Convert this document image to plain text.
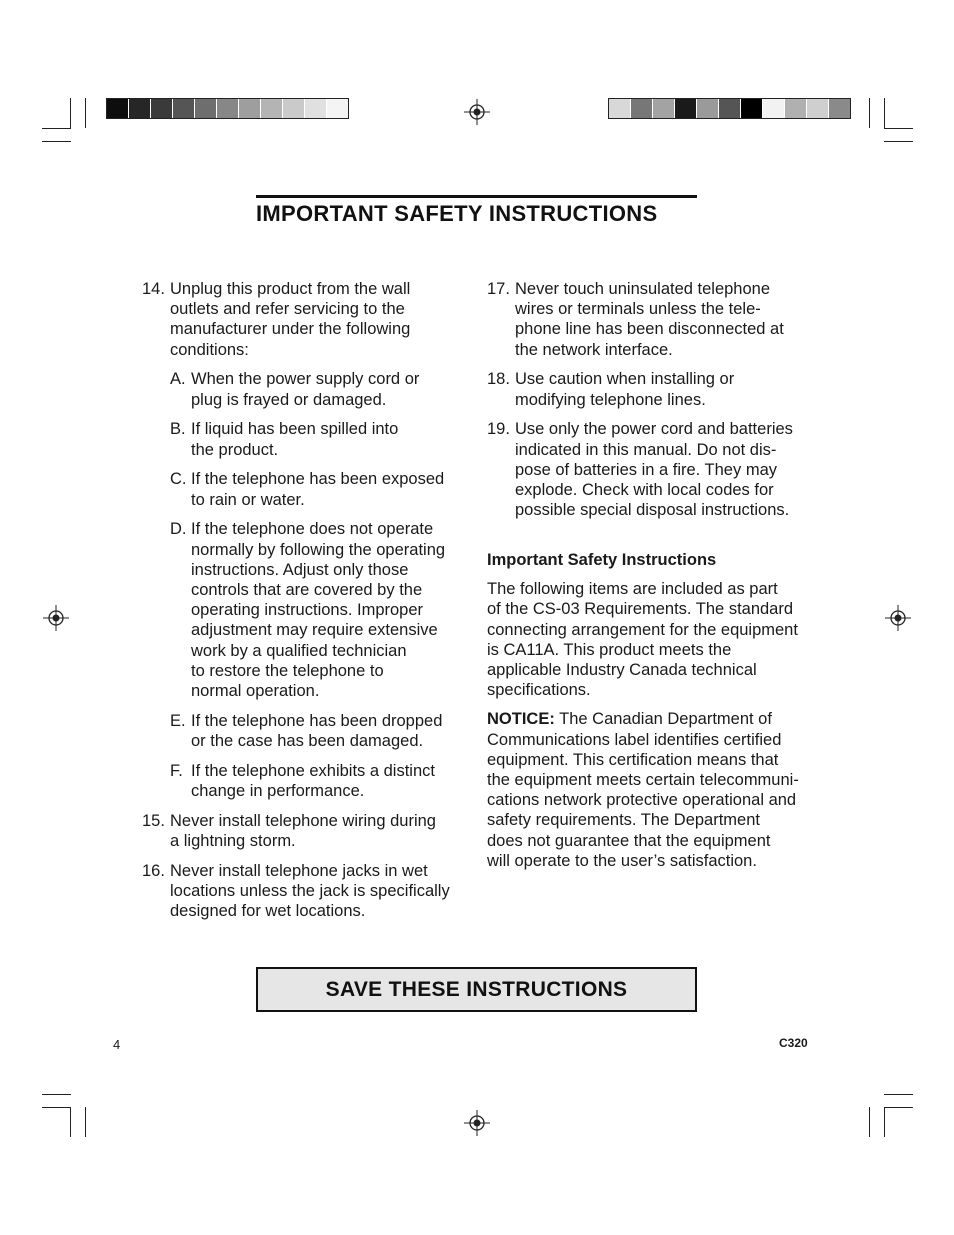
IMPORTANT SAFETY INSTRUCTIONS
14. Unplug this product from the wall
outlets and refer servicing to the
manufacturer under the following
conditions:
A. When the power supply cord or
plug is frayed or damaged.
B. If liquid has been spilled into
the product.
C. If the telephone has been exposed
to rain or water.
D. If the telephone does not operate
normally by following the operating
instructions. Adjust only those
controls that are covered by the
operating instructions. Improper
adjustment may require extensive
work by a qualified technician
to restore the telephone to
normal operation.
E. If the telephone has been dropped
or the case has been damaged.
F. If the telephone exhibits a distinct
change in performance.
15. Never install telephone wiring during
a lightning storm.
16. Never install telephone jacks in wet
locations unless the jack is specifically
designed for wet locations.
17. Never touch uninsulated telephone
wires or terminals unless the tele-
phone line has been disconnected at
the network interface.
18. Use caution when installing or
modifying telephone lines.
19. Use only the power cord and batteries
indicated in this manual. Do not dis-
pose of batteries in a fire. They may
explode. Check with local codes for
possible special disposal instructions.
Important Safety Instructions
The following items are included as part
of the CS-03 Requirements. The standard
connecting arrangement for the equipment
is CA11A. This product meets the
applicable Industry Canada technical
specifications.
NOTICE: The Canadian Department of
Communications label identifies certified
equipment. This certification means that
the equipment meets certain telecommuni-
cations network protective operational and
safety requirements. The Department
does not guarantee that the equipment
will operate to the user’s satisfaction.
SAVE THESE INSTRUCTIONS
4	C320
